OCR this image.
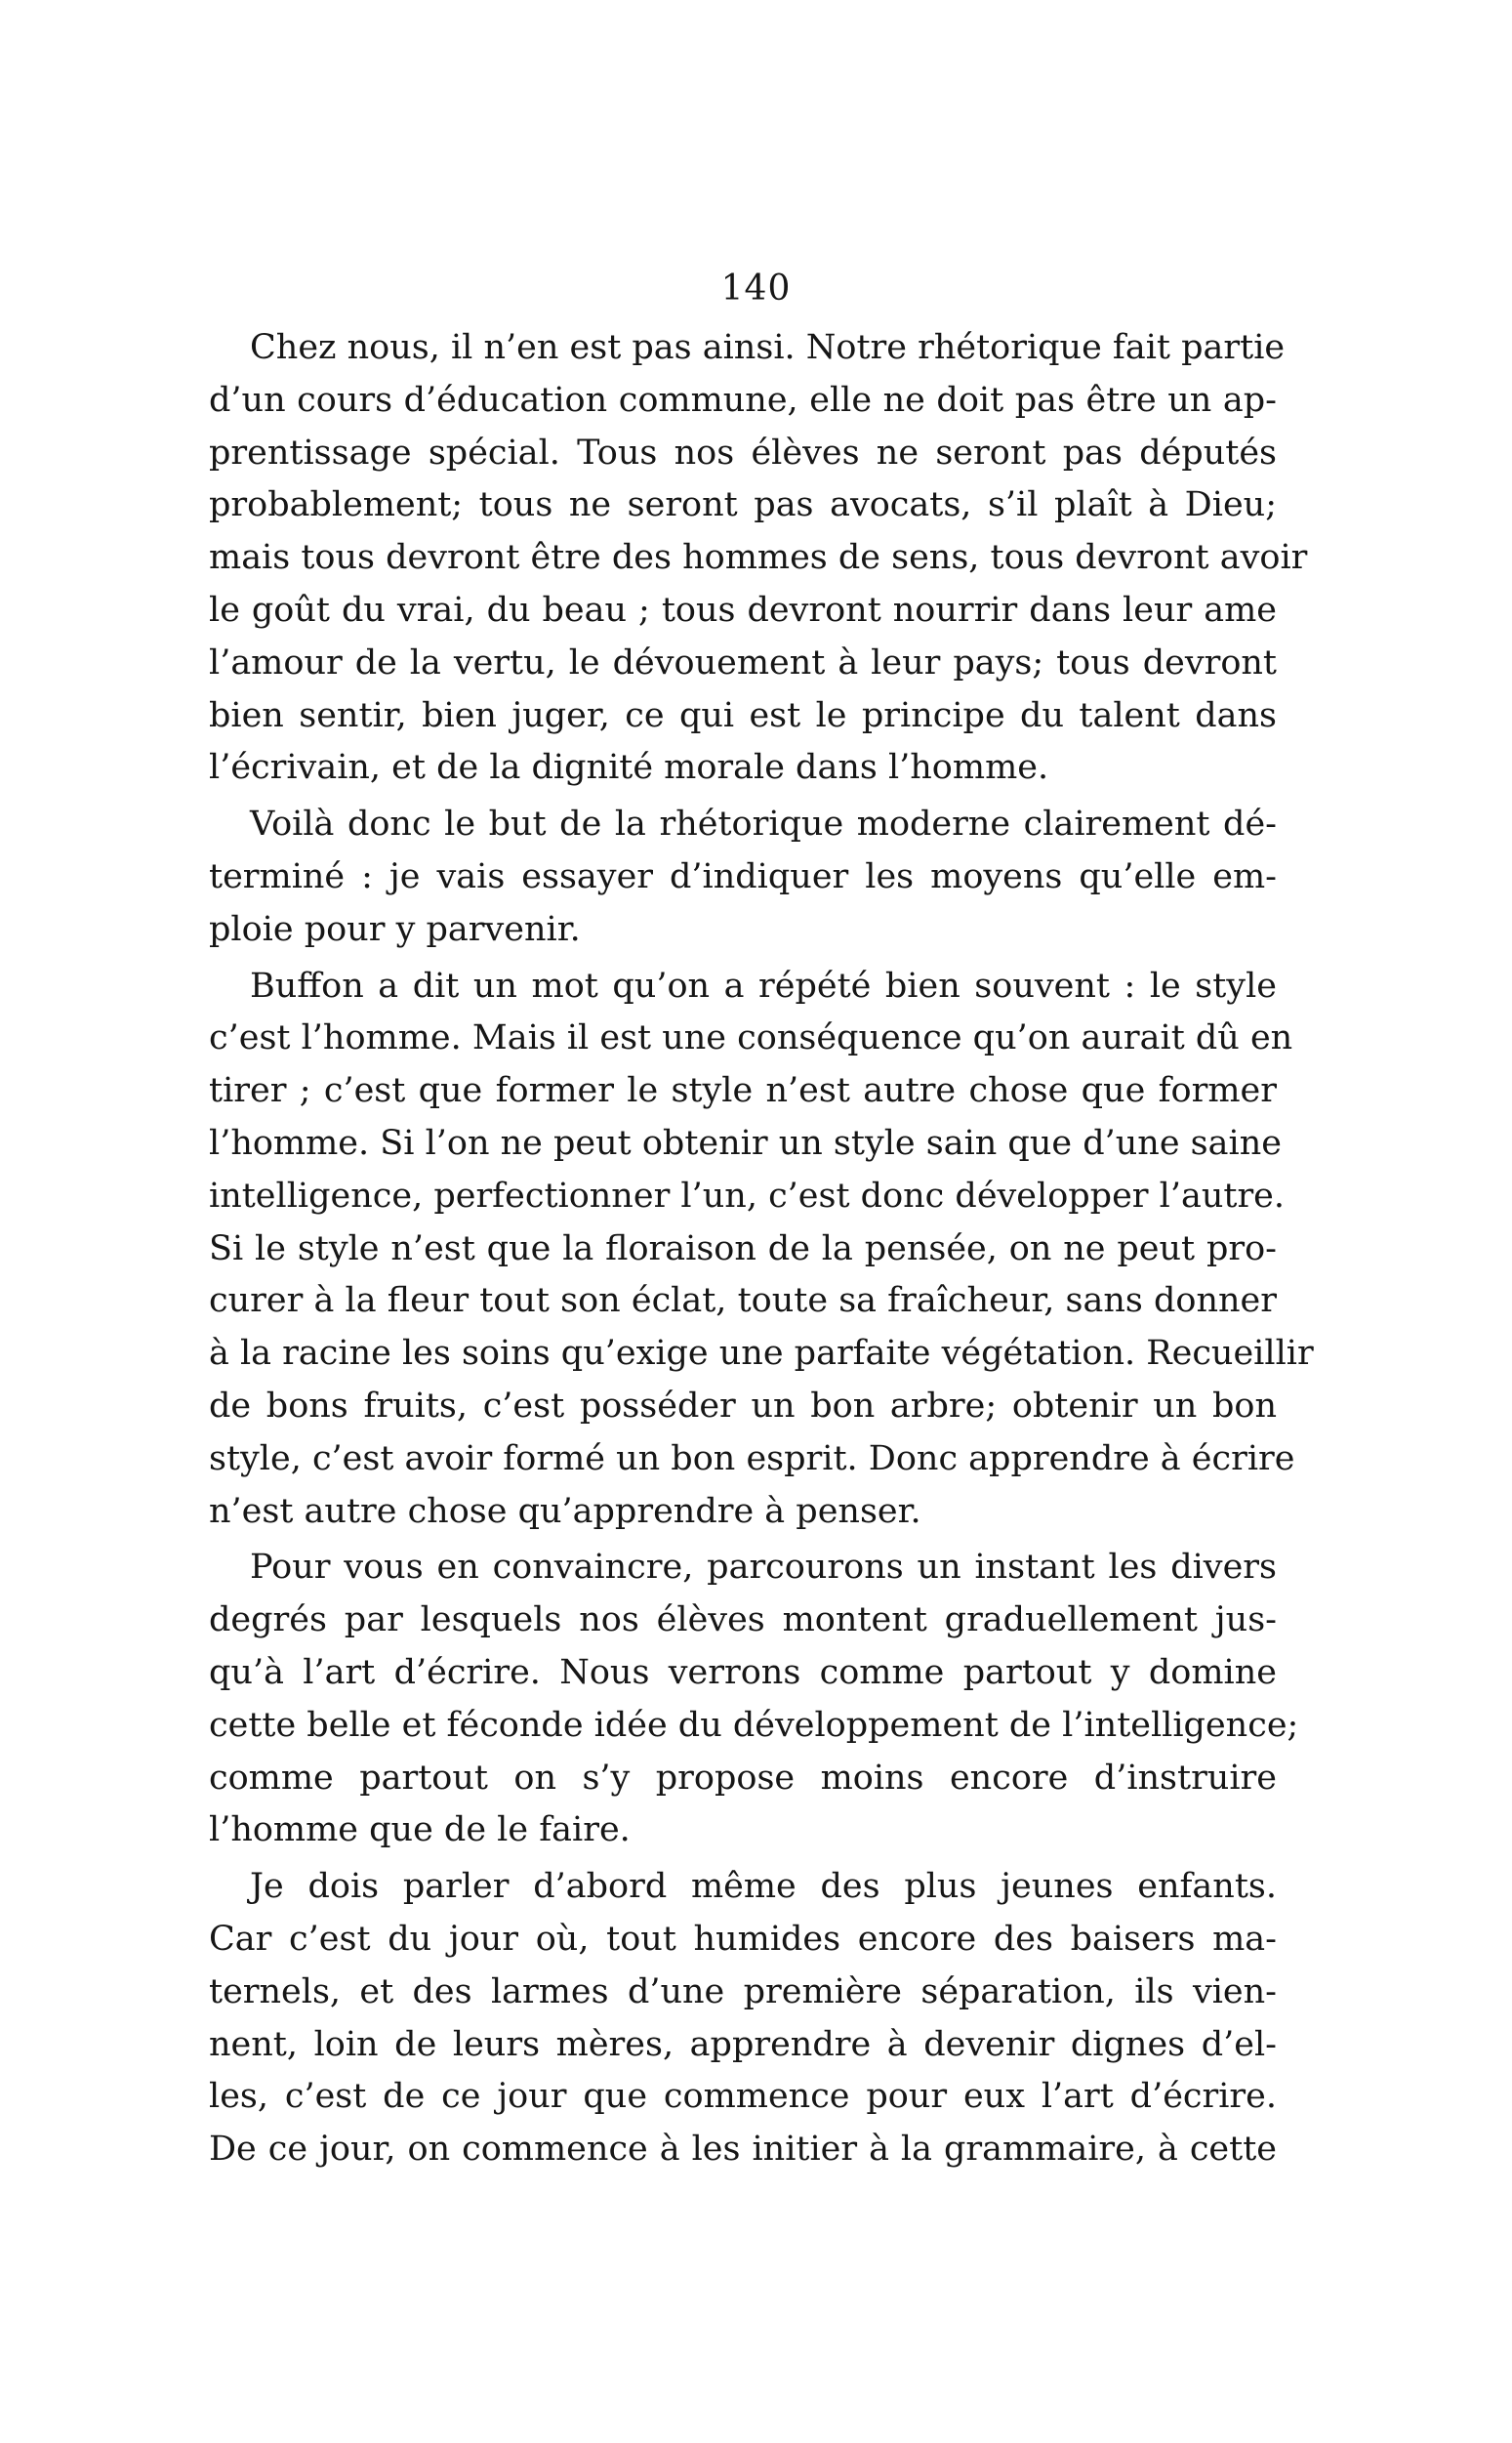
140
Chez nous, il n’en est pas ainsi. Notre rhétorique fait partie
d’un cours d’éducation commune, elle ne doit pas être un ap-
prentissage spécial. Tous nos élèves ne seront pas députés
probablement; tous ne seront pas avocats, s’il plaît à Dieu;
mais tous devront être des hommes de sens, tous devront avoir
le goût du vrai, du beau ; tous devront nourrir dans leur ame
l’amour de la vertu, le dévouement à leur pays; tous devront
bien sentir, bien juger, ce qui est le principe du talent dans
l’écrivain, et de la dignité morale dans l’homme.
Voilà donc le but de la rhétorique moderne clairement dé-
terminé : je vais essayer d’indiquer les moyens qu’elle em-
ploie pour y parvenir.
Buffon a dit un mot qu’on a répété bien souvent : le style
c’est l’homme. Mais il est une conséquence qu’on aurait dû en
tirer ; c’est que former le style n’est autre chose que former
l’homme. Si l’on ne peut obtenir un style sain que d’une saine
intelligence, perfectionner l’un, c’est donc développer l’autre.
Si le style n’est que la floraison de la pensée, on ne peut pro-
curer à la fleur tout son éclat, toute sa fraîcheur, sans donner
à la racine les soins qu’exige une parfaite végétation. Recueillir
de bons fruits, c’est posséder un bon arbre; obtenir un bon
style, c’est avoir formé un bon esprit. Donc apprendre à écrire
n’est autre chose qu’apprendre à penser.
Pour vous en convaincre, parcourons un instant les divers
degrés par lesquels nos élèves montent graduellement jus-
qu’à l’art d’écrire. Nous verrons comme partout y domine
cette belle et féconde idée du développement de l’intelligence;
comme partout on s’y propose moins encore d’instruire
l’homme que de le faire.
Je dois parler d’abord même des plus jeunes enfants.
Car c’est du jour où, tout humides encore des baisers ma-
ternels, et des larmes d’une première séparation, ils vien-
nent, loin de leurs mères, apprendre à devenir dignes d’el-
les, c’est de ce jour que commence pour eux l’art d’écrire.
De ce jour, on commence à les initier à la grammaire, à cette
